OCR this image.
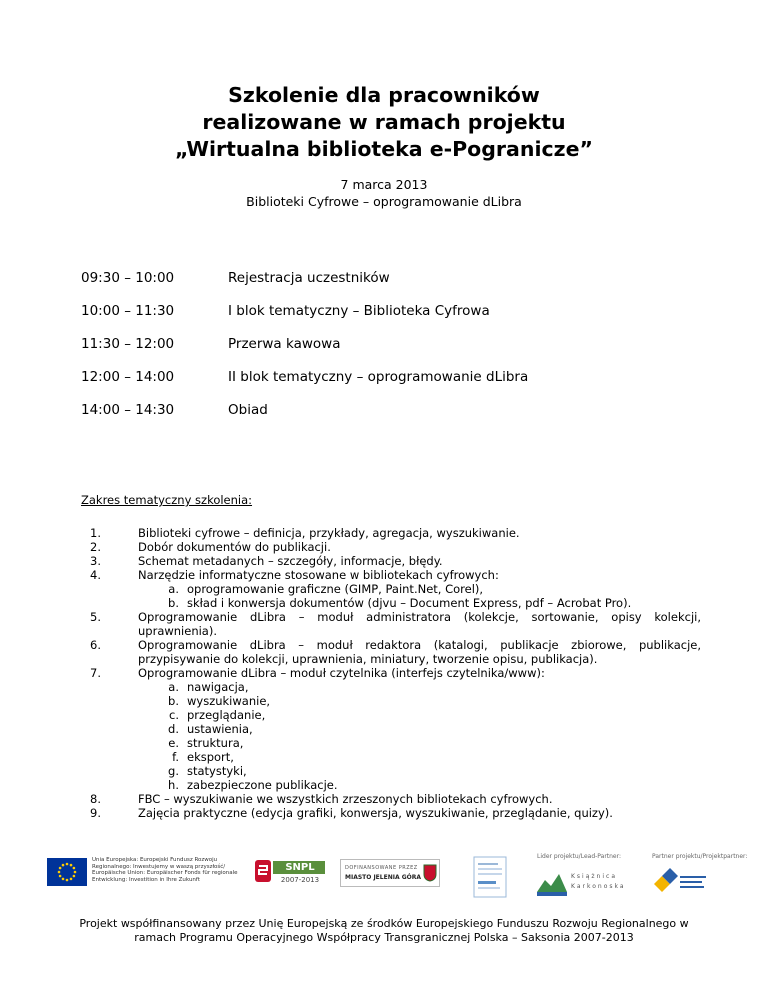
Szkolenie dla pracowników
realizowane w ramach projektu
„Wirtualna biblioteka e-Pogranicze”
7 marca 2013
Biblioteki Cyfrowe – oprogramowanie dLibra
09:30 – 10:00	Rejestracja uczestników
10:00 – 11:30	I blok tematyczny – Biblioteka Cyfrowa
11:30 – 12:00	Przerwa kawowa
12:00 – 14:00	II blok tematyczny – oprogramowanie dLibra
14:00 – 14:30	Obiad
Zakres tematyczny szkolenia:
1.	Biblioteki cyfrowe – definicja, przykłady, agregacja, wyszukiwanie.
2.	Dobór dokumentów do publikacji.
3.	Schemat metadanych – szczegóły, informacje, błędy.
4.	Narzędzie informatyczne stosowane w bibliotekach cyfrowych:
a. oprogramowanie graficzne (GIMP, Paint.Net, Corel),
b. skład i konwersja dokumentów (djvu – Document Express, pdf – Acrobat Pro).
5.	Oprogramowanie dLibra – moduł administratora (kolekcje, sortowanie, opisy kolekcji, uprawnienia).
6.	Oprogramowanie dLibra – moduł redaktora (katalogi, publikacje zbiorowe, publikacje, przypisywanie do kolekcji, uprawnienia, miniatury, tworzenie opisu, publikacja).
7.	Oprogramowanie dLibra – moduł czytelnika (interfejs czytelnika/www):
a. nawigacja,
b. wyszukiwanie,
c. przeglądanie,
d. ustawienia,
e. struktura,
f. eksport,
g. statystyki,
h. zabezpieczone publikacje.
8.	FBC – wyszukiwanie we wszystkich zrzeszonych bibliotekach cyfrowych.
9.	Zajęcia praktyczne (edycja grafiki, konwersja, wyszukiwanie, przeglądanie, quizy).
Unia Europejska: Europejski Fundusz Rozwoju Regionalnego: Inwestujemy w waszą przyszłość/ Europäische Union: Europäischer Fonds für regionale Entwicklung: Investition in Ihre Zukunft
SNPL
2007-2013
DOFINANSOWANE PRZEZ
MIASTO JELENIA GÓRA
Lider projektu/Lead-Partner:
Książnica Karkonoska
Partner projektu/Projektpartner:
Projekt współfinansowany przez Unię Europejską ze środków Europejskiego Funduszu Rozwoju Regionalnego w
ramach Programu Operacyjnego Współpracy Transgranicznej Polska – Saksonia 2007-2013
